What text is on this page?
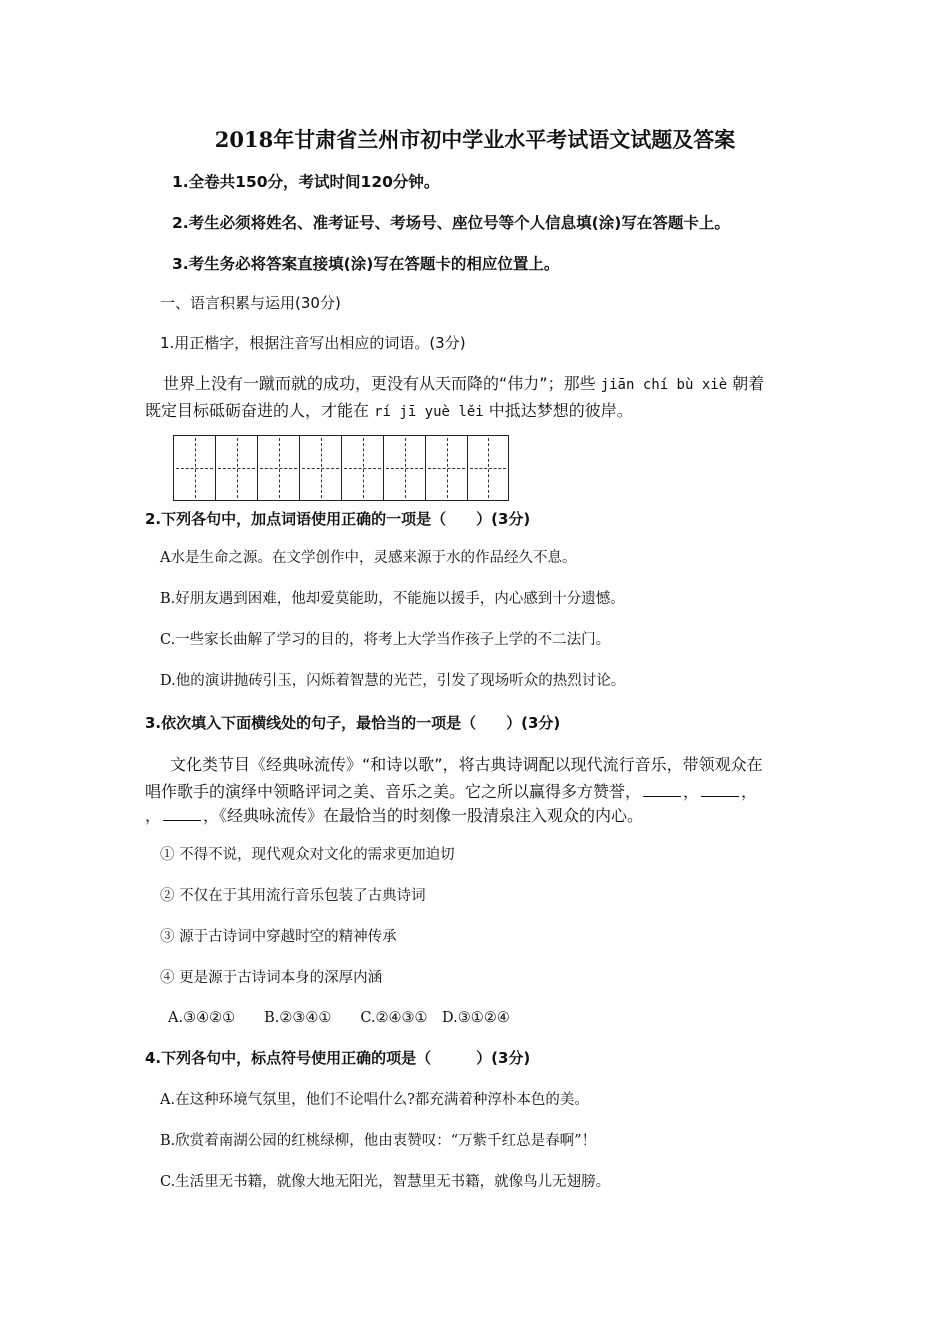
2018年甘肃省兰州市初中学业水平考试语文试题及答案
1.全卷共150分，考试时间120分钟。
2.考生必须将姓名、准考证号、考场号、座位号等个人信息填(涂)写在答题卡上。
3.考生务必将答案直接填(涂)写在答题卡的相应位置上。
一、语言积累与运用(30分)
1.用正楷字，根据注音写出相应的词语。(3分)
世界上没有一蹴而就的成功，更没有从天而降的“伟力”；那些 jiān chí bù xiè 朝着
既定目标砥砺奋进的人，才能在 rí jī yuè lěi 中抵达梦想的彼岸。
2.下列各句中，加点词语使用正确的一项是（　　）(3分)
A水是生命之源。在文学创作中，灵感来源于水的作品经久不息。
B.好朋友遇到困难，他却爱莫能助，不能施以援手，内心感到十分遗憾。
C.一些家长曲解了学习的目的，将考上大学当作孩子上学的不二法门。
D.他的演讲抛砖引玉，闪烁着智慧的光芒，引发了现场听众的热烈讨论。
3.依次填入下面横线处的句子，最恰当的一项是（　　）(3分)
文化类节目《经典咏流传》“和诗以歌”，将古典诗调配以现代流行音乐，带领观众在
唱作歌手的演绎中领略评词之美、音乐之美。它之所以赢得多方赞誉，	，	，
，	，《经典咏流传》在最恰当的时刻像一股清泉注入观众的内心。
① 不得不说，现代观众对文化的需求更加迫切
② 不仅在于其用流行音乐包装了古典诗词
③ 源于古诗词中穿越时空的精神传承
④ 更是源于古诗词本身的深厚内涵
A.③④②①　　B.②③④①　　C.②④③①　D.③①②④
4.下列各句中，标点符号使用正确的项是（　　　）(3分)
A.在这种环境气氛里，他们不论唱什么?都充满着种淳朴本色的美。
B.欣赏着南湖公园的红桃绿柳，他由衷赞叹：“万紫千红总是春啊”！
C.生活里无书籍，就像大地无阳光，智慧里无书籍，就像鸟儿无翅膀。
